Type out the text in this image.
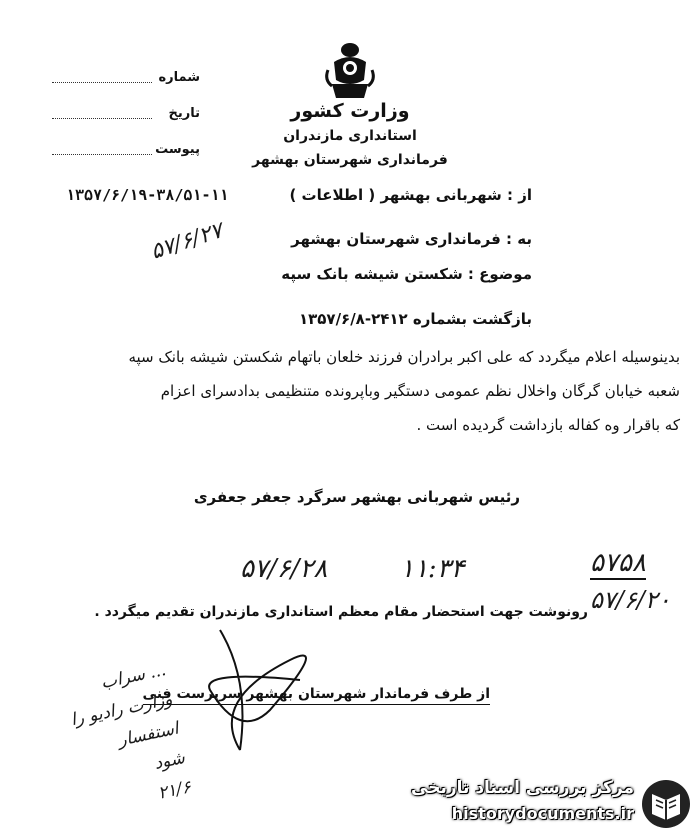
شماره
تاریخ
پیوست
وزارت کشور
استانداری مازندران
فرمانداری شهرستان بهشهر
از : شهربانی بهشهر ( اطلاعات )
۱۳۵۷/۶/۱۹-۳۸/۵۱-۱۱
به : فرمانداری شهرستان بهشهر
موضوع : شکستن شیشه بانک سپه
بازگشت بشماره ۲۴۱۲-۱۳۵۷/۶/۸
۵۷/۶/۲۷
بدینوسیله اعلام میگردد که علی اکبر برادران فرزند خلعان باتهام شکستن شیشه بانک سپه
شعبه خیابان گرگان واخلال نظم عمومی دستگیر وباپرونده متنظیمی بدادسرای اعزام
که باقرار وه کفاله بازداشت گردیده است .
رئیس شهربانی بهشهر سرگرد جعفر جعفری
۵۷/۶/۲۸	۱۱:۳۴	۵۷۵۸
۵۷/۶/۲۰
رونوشت جهت استحضار مقام معظم استانداری مازندران تقدیم میگردد .
از طرف فرماندار شهرستان بهشهر سرپرست فنی
... سراب
وزارت رادیو را استفسار
شود
۲۱/۶	مرکز بررسی اسناد تاریخی
historydocuments.ir
